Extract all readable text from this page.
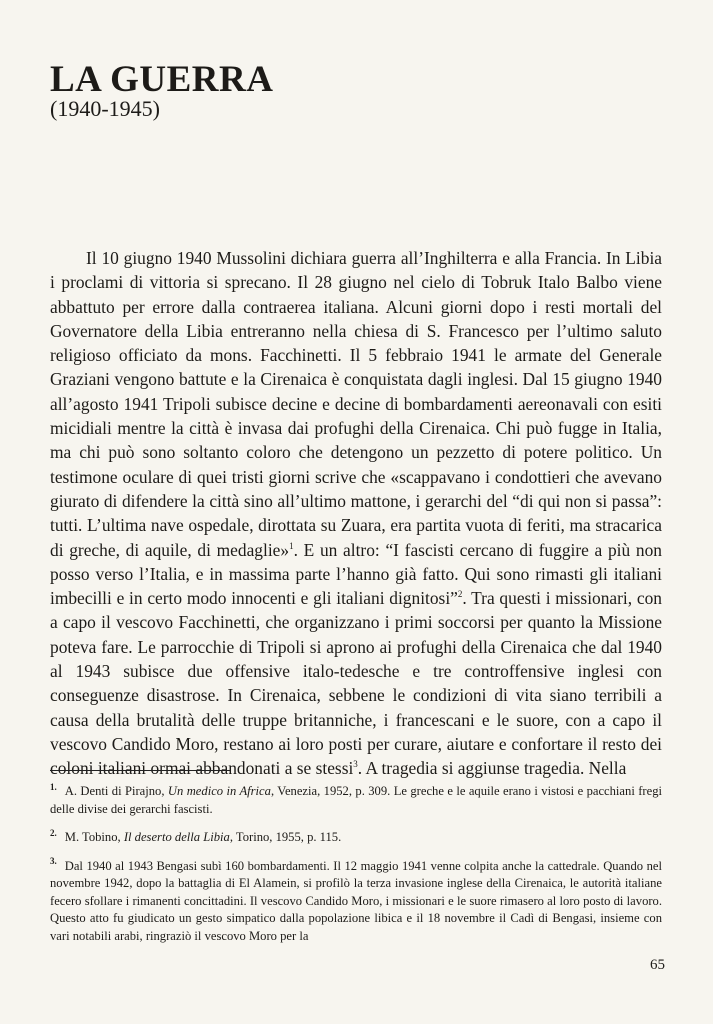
LA GUERRA
(1940-1945)

Il 10 giugno 1940 Mussolini dichiara guerra all’Inghilterra e alla Francia. In Libia i proclami di vittoria si sprecano. Il 28 giugno nel cielo di Tobruk Italo Balbo viene abbattuto per errore dalla contraerea italiana. Alcuni giorni dopo i resti mortali del Governatore della Libia entreranno nella chiesa di S. Francesco per l’ultimo saluto religioso officiato da mons. Facchinetti. Il 5 febbraio 1941 le armate del Generale Graziani vengono battute e la Cirenaica è conquistata dagli inglesi. Dal 15 giugno 1940 all’agosto 1941 Tripoli subisce decine e decine di bombardamenti aereonavali con esiti micidiali mentre la città è invasa dai profughi della Cirenaica. Chi può fugge in Italia, ma chi può sono soltanto coloro che detengono un pezzetto di potere politico. Un testimone oculare di quei tristi giorni scrive che «scappavano i condottieri che avevano giurato di difendere la città sino all’ultimo mattone, i gerarchi del “di qui non si passa”: tutti. L’ultima nave ospedale, dirottata su Zuara, era partita vuota di feriti, ma stracarica di greche, di aquile, di medaglie»$^1$. E un altro: “I fascisti cercano di fuggire a più non posso verso l’Italia, e in massima parte l’hanno già fatto. Qui sono rimasti gli italiani imbecilli e in certo modo innocenti e gli italiani dignitosi”$^2$. Tra questi i missionari, con a capo il vescovo Facchinetti, che organizzano i primi soccorsi per quanto la Missione poteva fare. Le parrocchie di Tripoli si aprono ai profughi della Cirenaica che dal 1940 al 1943 subisce due offensive italo-tedesche e tre controffensive inglesi con conseguenze disastrose. In Cirenaica, sebbene le condizioni di vita siano terribili a causa della brutalità delle truppe britanniche, i francescani e le suore, con a capo il vescovo Candido Moro, restano ai loro posti per curare, aiutare e confortare il resto dei coloni italiani ormai abbandonati a se stessi$^3$. A tragedia si aggiunse tragedia. Nella

$^{1.}$ A. Denti di Pirajno, Un medico in Africa, Venezia, 1952, p. 309. Le greche e le aquile erano i vistosi e pacchiani fregi delle divise dei gerarchi fascisti.

$^{2.}$ M. Tobino, Il deserto della Libia, Torino, 1955, p. 115.

$^{3.}$ Dal 1940 al 1943 Bengasi subì 160 bombardamenti. Il 12 maggio 1941 venne colpita anche la cattedrale. Quando nel novembre 1942, dopo la battaglia di El Alamein, si profilò la terza invasione inglese della Cirenaica, le autorità italiane fecero sfollare i rimanenti concittadini. Il vescovo Candido Moro, i missionari e le suore rimasero al loro posto di lavoro. Questo atto fu giudicato un gesto simpatico dalla popolazione libica e il 18 novembre il Cadì di Bengasi, insieme con vari notabili arabi, ringraziò il vescovo Moro per la

65
